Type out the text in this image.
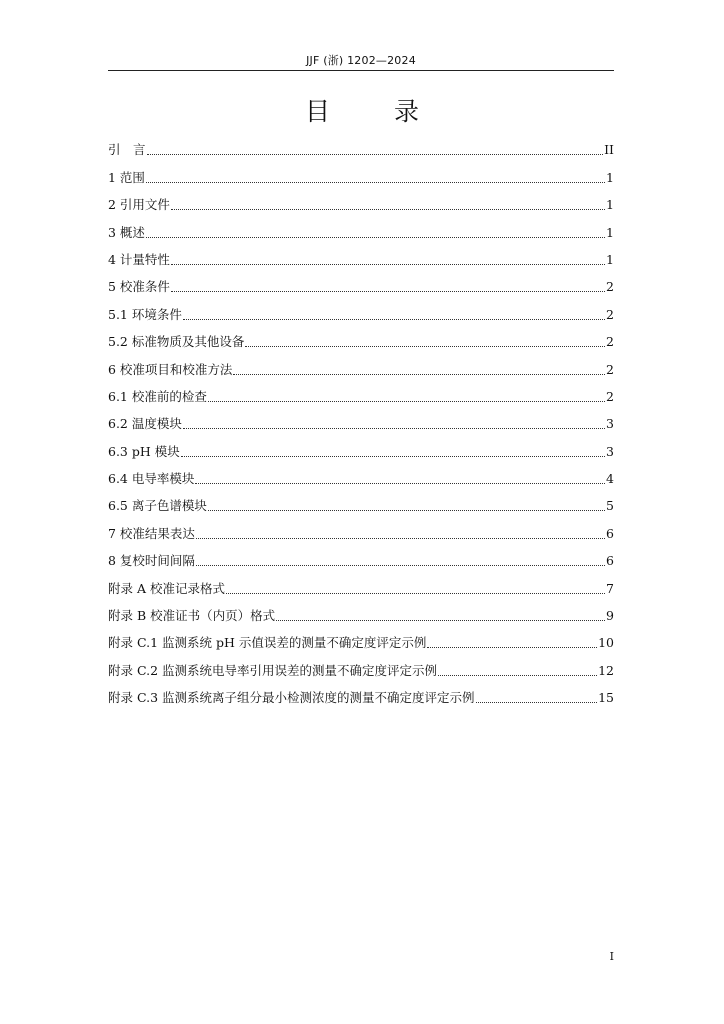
JJF (浙) 1202—2024
目 录
引　言	II
1 范围	1
2 引用文件	1
3 概述	1
4 计量特性	1
5 校准条件	2
5.1 环境条件	2
5.2 标准物质及其他设备	2
6 校准项目和校准方法	2
6.1 校准前的检查	2
6.2 温度模块	3
6.3 pH 模块	3
6.4 电导率模块	4
6.5 离子色谱模块	5
7 校准结果表达	6
8 复校时间间隔	6
附录 A 校准记录格式	7
附录 B 校准证书（内页）格式	9
附录 C.1 监测系统 pH 示值误差的测量不确定度评定示例	10
附录 C.2 监测系统电导率引用误差的测量不确定度评定示例	12
附录 C.3 监测系统离子组分最小检测浓度的测量不确定度评定示例	15
I
